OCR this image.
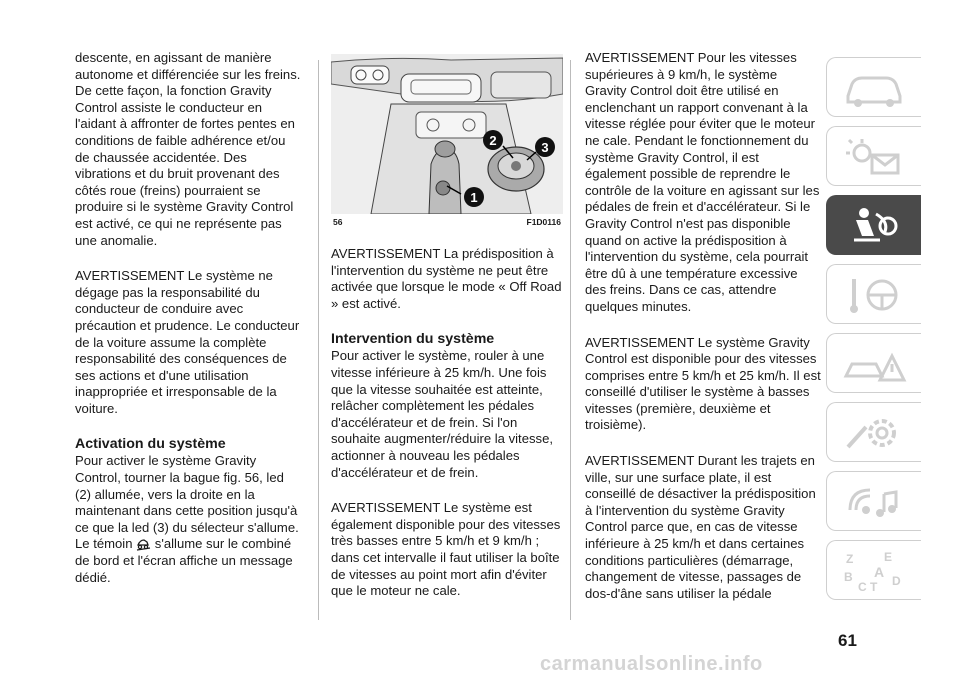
descente, en agissant de manière autonome et différenciée sur les freins. De cette façon, la fonction Gravity Control assiste le conducteur en l'aidant à affronter de fortes pentes en conditions de faible adhérence et/ou de chaussée accidentée. Des vibrations et du bruit provenant des côtés roue (freins) pourraient se produire si le système Gravity Control est activé, ce qui ne représente pas une anomalie.

AVERTISSEMENT Le système ne dégage pas la responsabilité du conducteur de conduire avec précaution et prudence. Le conducteur de la voiture assume la complète responsabilité des conséquences de ses actions et d'une utilisation inappropriée et irresponsable de la voiture.

Activation du système

Pour activer le système Gravity Control, tourner la bague fig. 56, led (2) allumée, vers la droite en la maintenant dans cette position jusqu'à ce que la led (3) du sélecteur s'allume. Le témoin s'allume sur le combiné de bord et l'écran affiche un message dédié.

1
2	3
56	F1D0116

AVERTISSEMENT La prédisposition à l'intervention du système ne peut être activée que lorsque le mode « Off Road » est activé.

Intervention du système

Pour activer le système, rouler à une vitesse inférieure à 25 km/h. Une fois que la vitesse souhaitée est atteinte, relâcher complètement les pédales d'accélérateur et de frein. Si l'on souhaite augmenter/réduire la vitesse, actionner à nouveau les pédales d'accélérateur et de frein.

AVERTISSEMENT Le système est également disponible pour des vitesses très basses entre 5 km/h et 9 km/h ; dans cet intervalle il faut utiliser la boîte de vitesses au point mort afin d'éviter que le moteur ne cale.

AVERTISSEMENT Pour les vitesses supérieures à 9 km/h, le système Gravity Control doit être utilisé en enclenchant un rapport convenant à la vitesse réglée pour éviter que le moteur ne cale. Pendant le fonctionnement du système Gravity Control, il est également possible de reprendre le contrôle de la voiture en agissant sur les pédales de frein et d'accélérateur. Si le Gravity Control n'est pas disponible quand on active la prédisposition à l'intervention du système, cela pourrait être dû à une température excessive des freins. Dans ce cas, attendre quelques minutes.

AVERTISSEMENT Le système Gravity Control est disponible pour des vitesses comprises entre 5 km/h et 25 km/h. Il est conseillé d'utiliser le système à basses vitesses (première, deuxième et troisième).

AVERTISSEMENT Durant les trajets en ville, sur une surface plate, il est conseillé de désactiver la prédisposition à l'intervention du système Gravity Control parce que, en cas de vitesse inférieure à 25 km/h et dans certaines conditions particulières (démarrage, changement de vitesse, passages de dos-d'âne sans utiliser la pédale

Z	E
B A
C T D
61
carmanualsonline.info
